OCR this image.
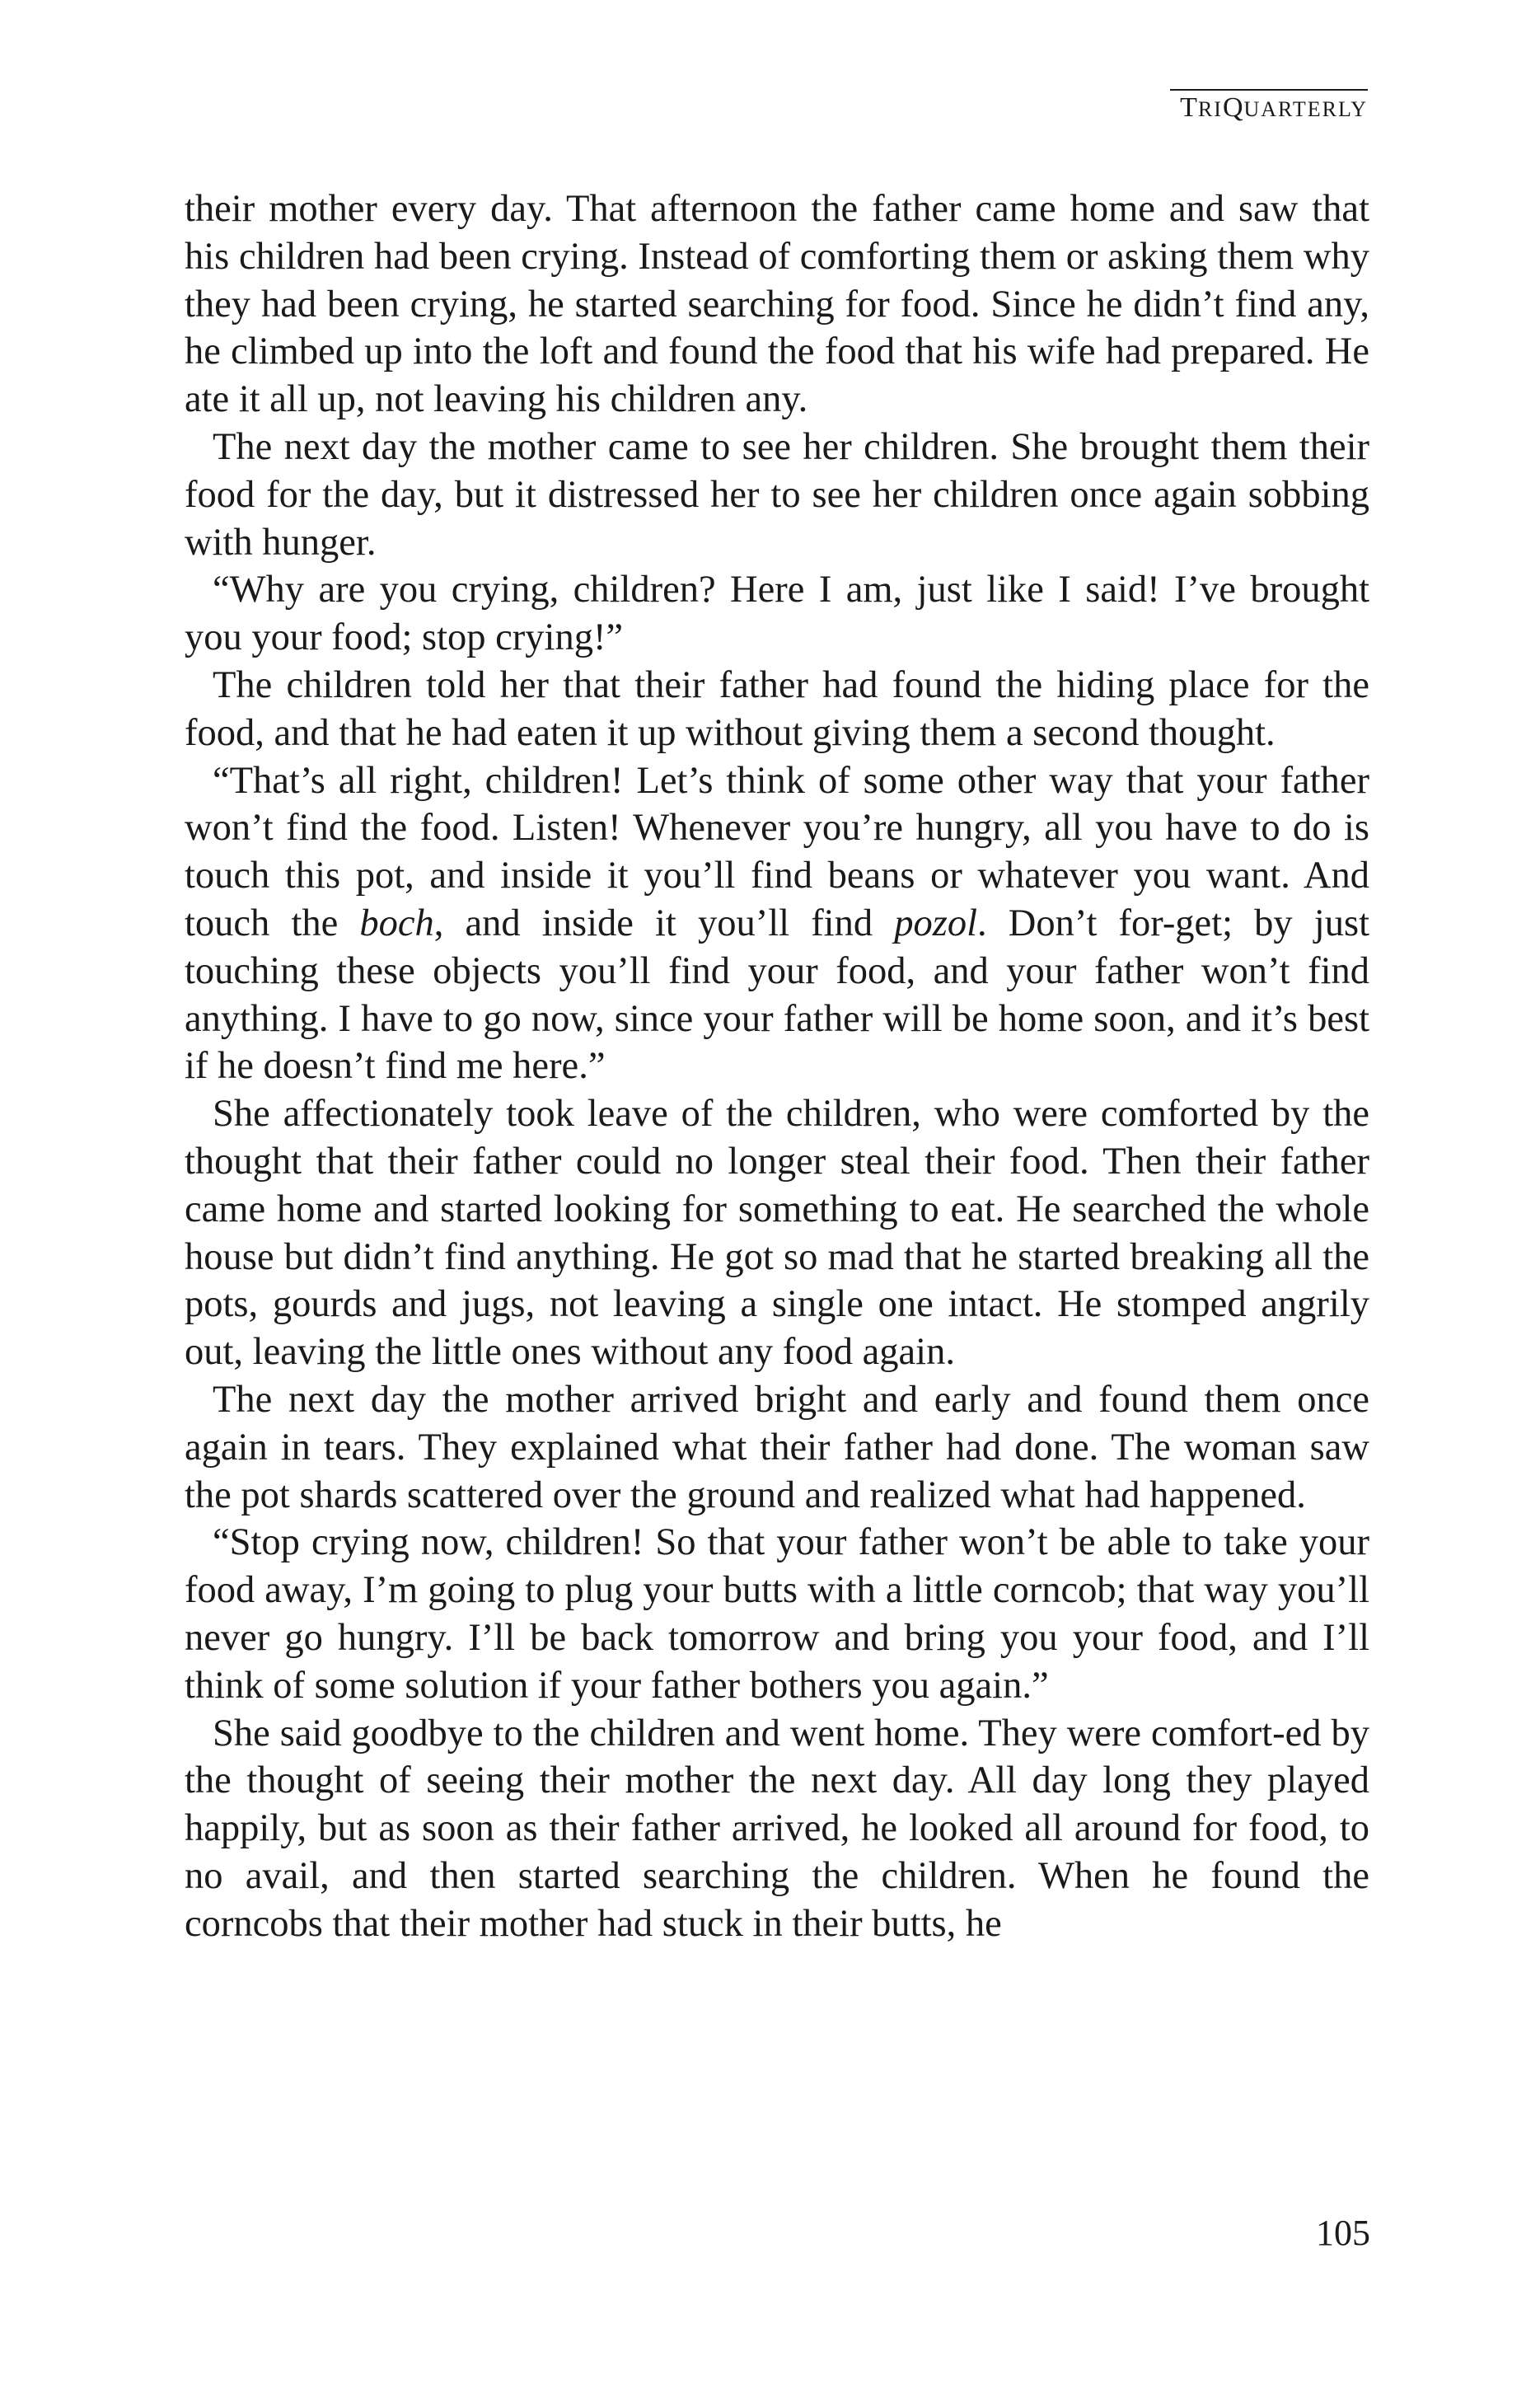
TRIQUARTERLY

their mother every day. That afternoon the father came home and saw that his children had been crying. Instead of comforting them or asking them why they had been crying, he started searching for food. Since he didn’t find any, he climbed up into the loft and found the food that his wife had prepared. He ate it all up, not leaving his children any.

The next day the mother came to see her children. She brought them their food for the day, but it distressed her to see her children once again sobbing with hunger.

“Why are you crying, children? Here I am, just like I said! I’ve brought you your food; stop crying!”

The children told her that their father had found the hiding place for the food, and that he had eaten it up without giving them a second thought.

“That’s all right, children! Let’s think of some other way that your father won’t find the food. Listen! Whenever you’re hungry, all you have to do is touch this pot, and inside it you’ll find beans or whatever you want. And touch the boch, and inside it you’ll find pozol. Don’t for-get; by just touching these objects you’ll find your food, and your father won’t find anything. I have to go now, since your father will be home soon, and it’s best if he doesn’t find me here.”

She affectionately took leave of the children, who were comforted by the thought that their father could no longer steal their food. Then their father came home and started looking for something to eat. He searched the whole house but didn’t find anything. He got so mad that he started breaking all the pots, gourds and jugs, not leaving a single one intact. He stomped angrily out, leaving the little ones without any food again.

The next day the mother arrived bright and early and found them once again in tears. They explained what their father had done. The woman saw the pot shards scattered over the ground and realized what had happened.

“Stop crying now, children! So that your father won’t be able to take your food away, I’m going to plug your butts with a little corncob; that way you’ll never go hungry. I’ll be back tomorrow and bring you your food, and I’ll think of some solution if your father bothers you again.”

She said goodbye to the children and went home. They were comfort-ed by the thought of seeing their mother the next day. All day long they played happily, but as soon as their father arrived, he looked all around for food, to no avail, and then started searching the children. When he found the corncobs that their mother had stuck in their butts, he

105
